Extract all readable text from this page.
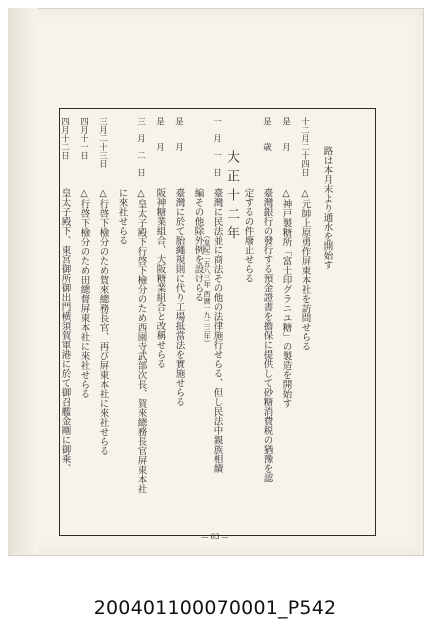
路は本月末より通水を開始す
十二月二十四日
△元帥上原勇作屏東本社を訪問せらる
是　　月
△神戸製糖所「富士印グラニユ糖」の製造を開始す
是　　歳
臺灣銀行の發行する預金證書を擔保に提供して砂糖消費税の猶豫を認
定するの件廢止せらる
大正十二年
（皇紀二五八三年 西暦一九二三年）
一　月　一　日
臺灣に民法並に商法その他の法律施行せらる、但し民法中親族相續
編その他除外例を設けらる
是　　月
臺灣に於て胎繩規則に代り工場抵當法を實施せらる
是　　月
阪神糖業組合、大阪糖業組合と改稱せらる
三　月　二　日
△皇太子殿下行啓下檢分のため西園寺武部次長、賀來總務長官屏東本社
に來社せらる
三月二十三日
△行啓下檢分のため賀來總務長官、再び屏東本社に來社せらる
四月十一日
△行啓下檢分のため田總督屏東本社に來社せらる
四月十二日
皇太子殿下、東宮御所御出門横須賀軍港に於て御召艦金剛に御乘、
— 63 —
200401100070001_P542
